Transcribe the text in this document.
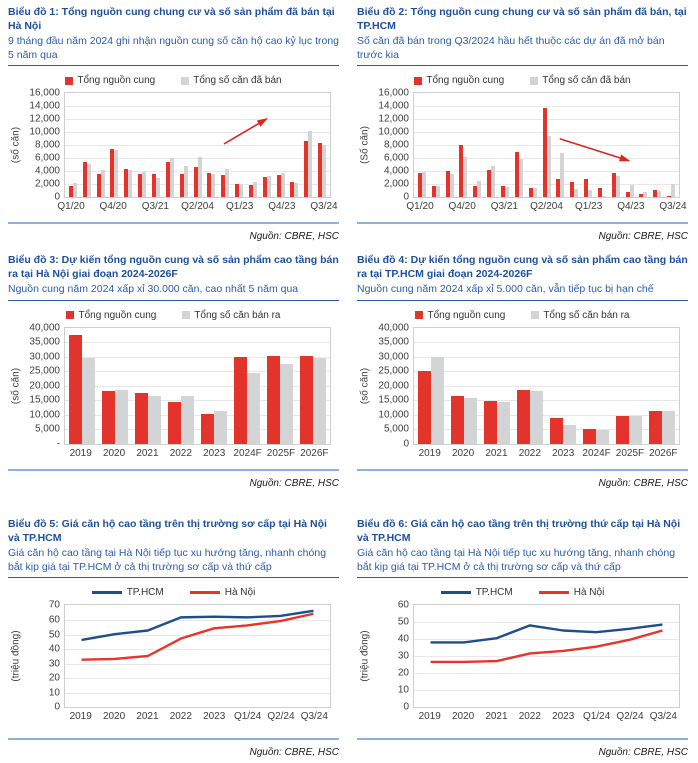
Biểu đồ 1: Tổng nguồn cung chung cư và số sản phẩm đã bán tại Hà Nội

9 tháng đầu năm 2024 ghi nhận nguồn cung số căn hộ cao kỷ lục trong 5 năm qua

Tổng nguồn cung	Tổng số căn đã bán
16,000
14,000
12,000
10,000
8,000
6,000
4,000
2,000
0
(số căn)
Q1/20 Q4/20 Q3/21 Q2/204 Q1/23 Q4/23 Q3/24
Nguồn: CBRE, HSC
Biểu đồ 2: Tổng nguồn cung chung cư và số sản phẩm đã bán, tại TP.HCM

Số căn đã bán trong Q3/2024 hầu hết thuộc các dự án đã mở bán trước kia

Tổng nguồn cung	Tổng số căn đã bán
16,000
14,000
12,000
10,000
8,000
6,000
4,000
2,000
0
(Số căn)
Q1/20 Q4/20 Q3/21 Q2/204 Q1/23 Q4/23 Q3/24
Nguồn: CBRE, HSC
Biểu đồ 3: Dự kiến tổng nguồn cung và số sản phẩm cao tầng bán ra tại Hà Nội giai đoạn 2024-2026F

Nguồn cung năm 2024 xấp xỉ 30.000 căn, cao nhất 5 năm qua

Tổng nguồn cung	Tổng số căn bán ra
40,000
35,000
30,000
25,000
20,000
15,000
10,000
5,000
-
(số căn)
2019 2020 2021 2022 2023 2024F 2025F 2026F
Nguồn: CBRE, HSC
Biểu đồ 4: Dự kiến tổng nguồn cung và số sản phẩm cao tầng bán ra tại TP.HCM giai đoạn 2024-2026F

Nguồn cung năm 2024 xấp xỉ 5.000 căn, vẫn tiếp tục bị hạn chế

Tổng nguồn cung	Tổng số căn bán ra
40,000
35,000
30,000
25,000
20,000
15,000
10,000
5,000
0
(số căn)
2019 2020 2021 2022 2023 2024F 2025F 2026F
Nguồn: CBRE, HSC
Biểu đồ 5: Giá căn hộ cao tầng trên thị trường sơ cấp tại Hà Nội và TP.HCM

Giá căn hộ cao tầng tại Hà Nội tiếp tục xu hướng tăng, nhanh chóng bắt kịp giá tại TP.HCM ở cả thị trường sơ cấp và thứ cấp

TP.HCM	Hà Nội
70
60
50
40
30
20
10
0
(triệu đồng)
2019 2020 2021 2022 2023 Q1/24 Q2/24 Q3/24
Nguồn: CBRE, HSC
Biểu đồ 6: Giá căn hộ cao tầng trên thị trường thứ cấp tại Hà Nội và TP.HCM

Giá căn hộ cao tầng tại Hà Nội tiếp tục xu hướng tăng, nhanh chóng bắt kịp giá tại TP.HCM ở cả thị trường sơ cấp và thứ cấp

TP.HCM	Hà Nội
60
50
40
30
20
10
0
(triệu đồng)
2019 2020 2021 2022 2023 Q1/24 Q2/24 Q3/24
Nguồn: CBRE, HSC
